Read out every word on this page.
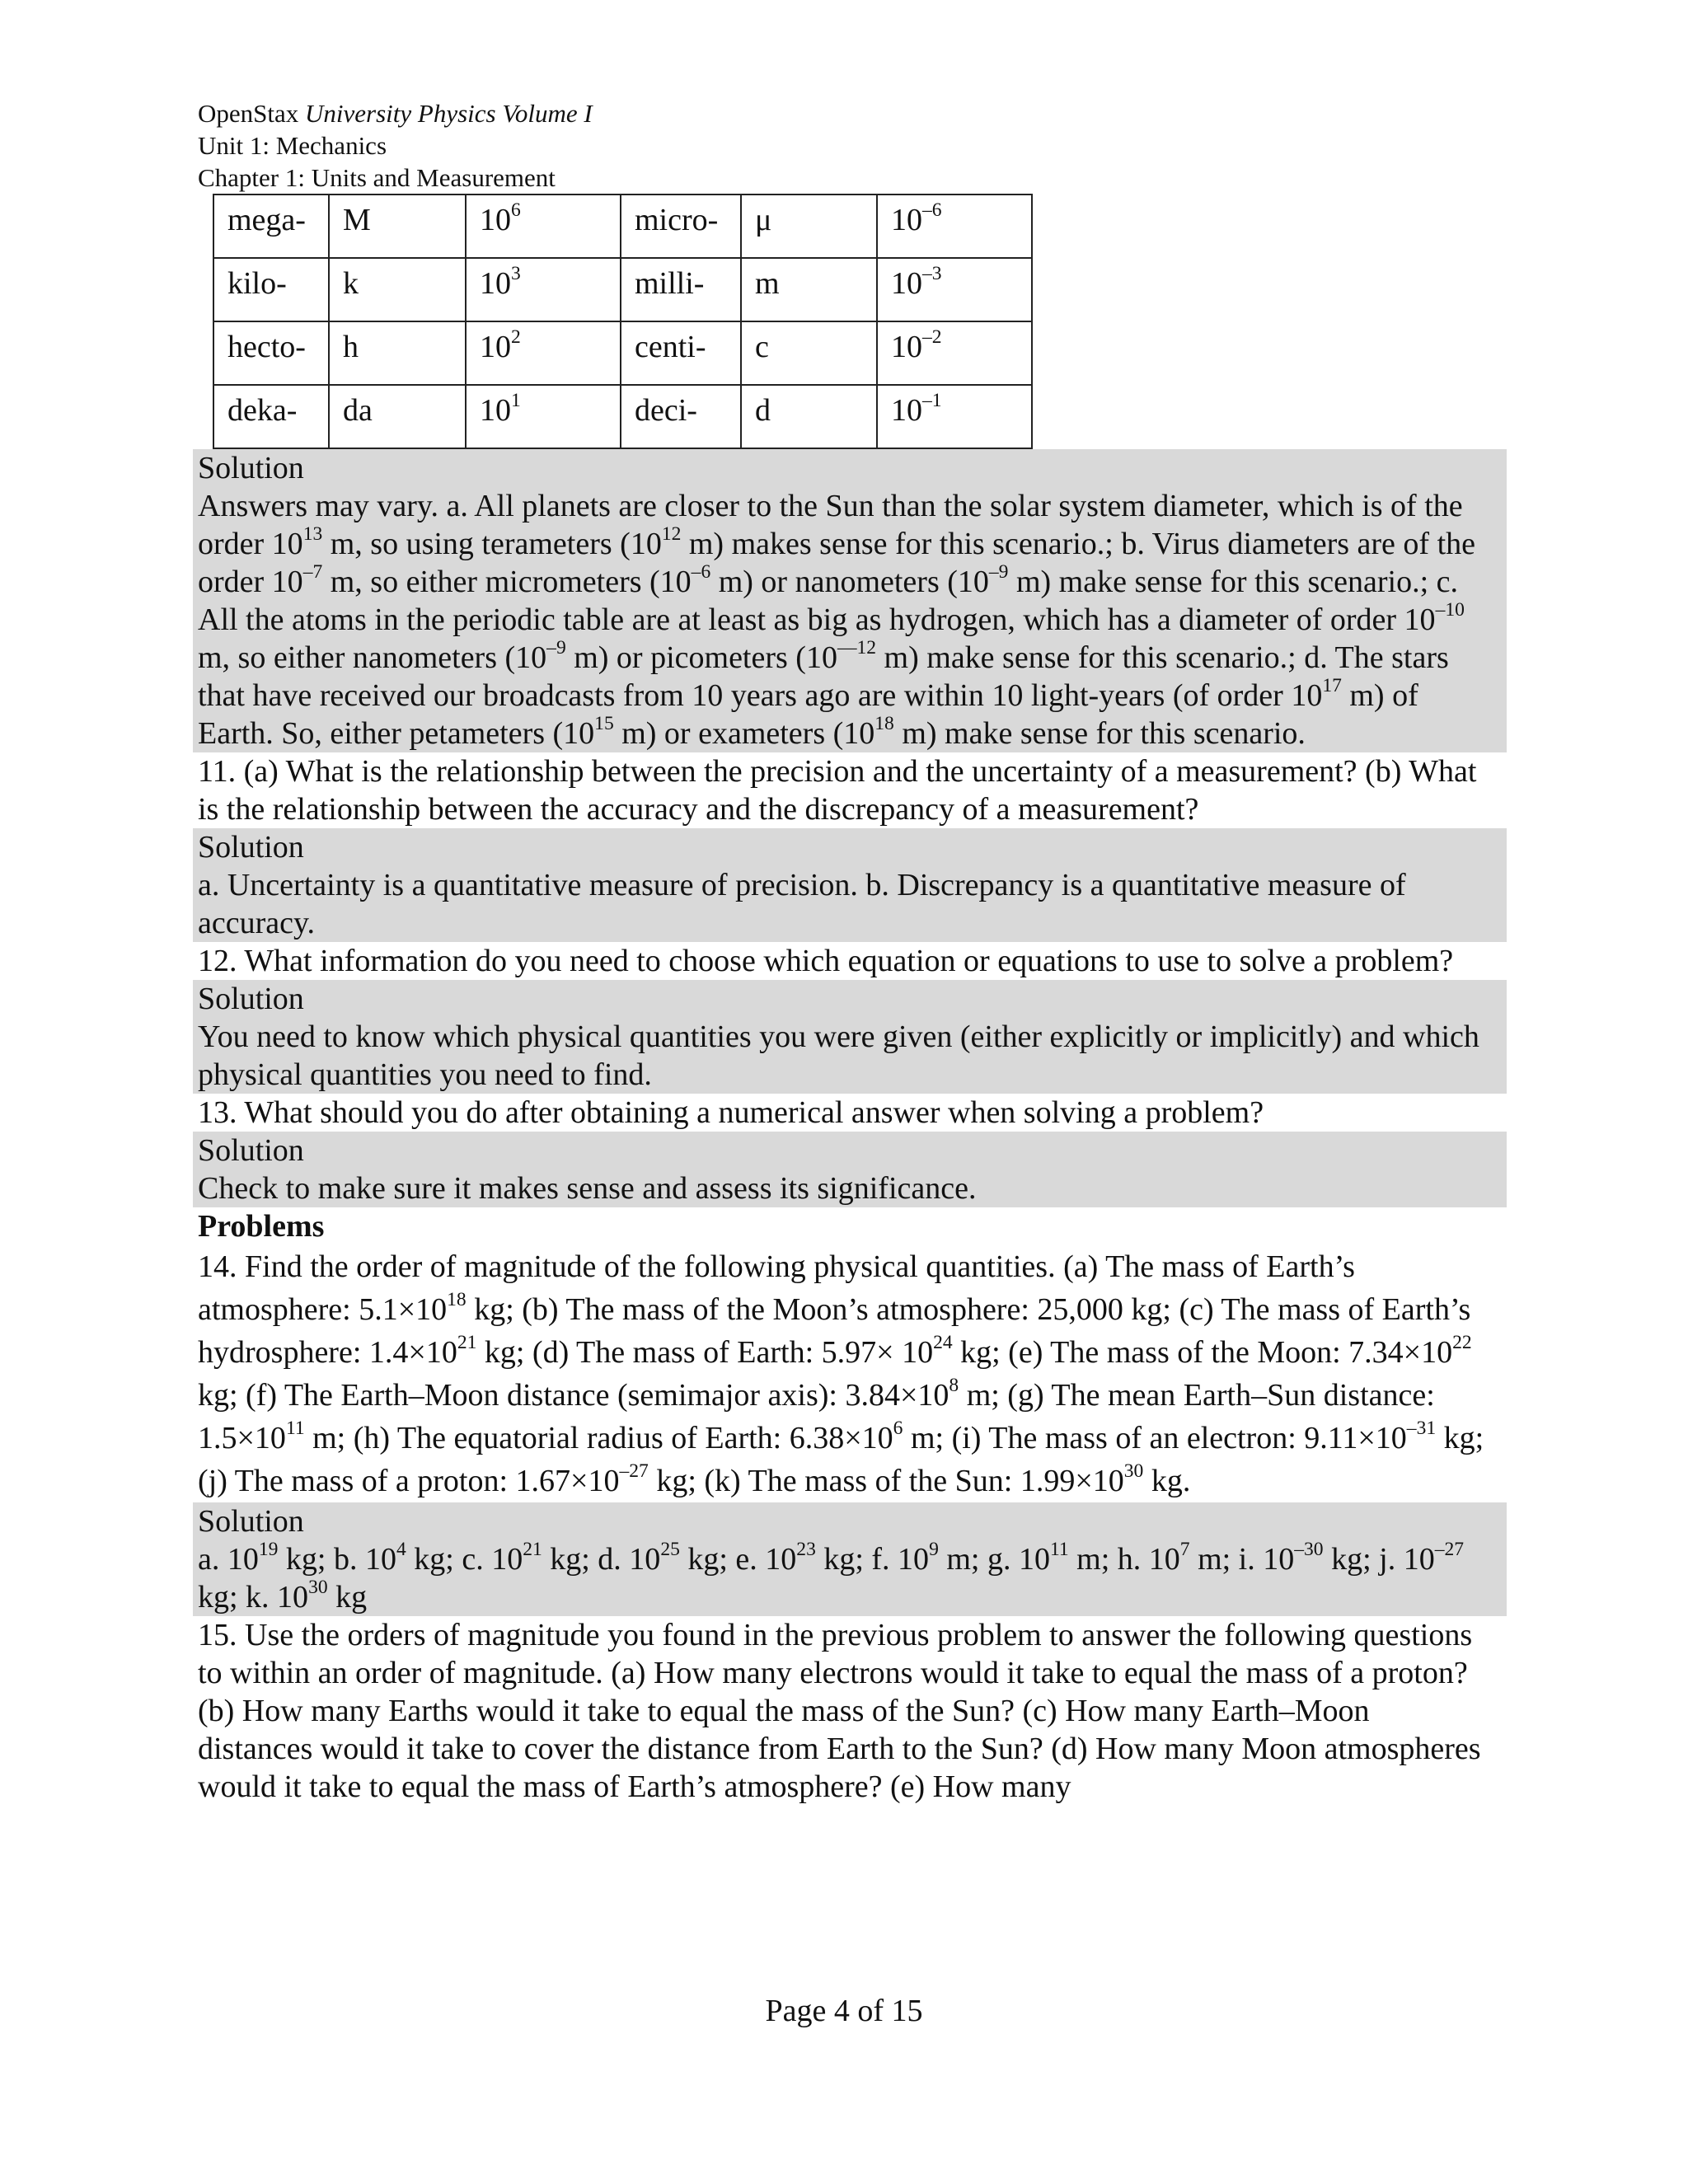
OpenStax University Physics Volume I

Unit 1: Mechanics

Chapter 1: Units and Measurement

mega-	M	$10^6$	micro-	μ	$10^{-6}$
kilo-	k	$10^3$	milli-	m	$10^{-3}$
hecto-	h	$10^2$	centi-	c	$10^{-2}$
deka-	da	$10^1$	deci-	d	$10^{-1}$
Solution
Answers may vary. a. All planets are closer to the Sun than the solar system diameter, which is of the order $10^{13}$ m, so using terameters ($10^{12}$ m) makes sense for this scenario.; b. Virus diameters are of the order $10^{-7}$ m, so either micrometers ($10^{-6}$ m) or nanometers ($10^{-9}$ m) make sense for this scenario.; c. All the atoms in the periodic table are at least as big as hydrogen, which has a diameter of order $10^{-10}$ m, so either nanometers ($10^{-9}$ m) or picometers ($10^{—12}$ m) make sense for this scenario.; d. The stars that have received our broadcasts from 10 years ago are within 10 light-years (of order $10^{17}$ m) of Earth. So, either petameters ($10^{15}$ m) or exameters ($10^{18}$ m) make sense for this scenario.

11. (a) What is the relationship between the precision and the uncertainty of a measurement? (b) What is the relationship between the accuracy and the discrepancy of a measurement?

Solution
a. Uncertainty is a quantitative measure of precision. b. Discrepancy is a quantitative measure of accuracy.

12. What information do you need to choose which equation or equations to use to solve a problem?

Solution
You need to know which physical quantities you were given (either explicitly or implicitly) and which physical quantities you need to find.

13. What should you do after obtaining a numerical answer when solving a problem?

Solution
Check to make sure it makes sense and assess its significance.
Problems

14. Find the order of magnitude of the following physical quantities. (a) The mass of Earth’s atmosphere: $5.1\times 10^{18}$ kg; (b) The mass of the Moon’s atmosphere: 25,000 kg; (c) The mass of Earth’s hydrosphere: $1.4\times 10^{21}$ kg; (d) The mass of Earth: $5.97\times 10^{24}$ kg; (e) The mass of the Moon: $7.34\times 10^{22}$ kg; (f) The Earth–Moon distance (semimajor axis): $3.84\times 10^8$ m; (g) The mean Earth–Sun distance: $1.5\times 10^{11}$ m; (h) The equatorial radius of Earth: $6.38\times 10^6$ m; (i) The mass of an electron: $9.11\times 10^{-31}$ kg; (j) The mass of a proton: $1.67\times 10^{-27}$ kg; (k) The mass of the Sun: $1.99\times 10^{30}$ kg.

Solution
a. $10^{19}$ kg; b. $10^4$ kg; c. $10^{21}$ kg; d. $10^{25}$ kg; e. $10^{23}$ kg; f. $10^9$ m; g. $10^{11}$ m; h. $10^7$ m; i. $10^{-30}$ kg; j. $10^{-27}$ kg; k. $10^{30}$ kg

15. Use the orders of magnitude you found in the previous problem to answer the following questions to within an order of magnitude. (a) How many electrons would it take to equal the mass of a proton? (b) How many Earths would it take to equal the mass of the Sun? (c) How many Earth–Moon distances would it take to cover the distance from Earth to the Sun? (d) How many Moon atmospheres would it take to equal the mass of Earth’s atmosphere? (e) How many

Page 4 of 15
